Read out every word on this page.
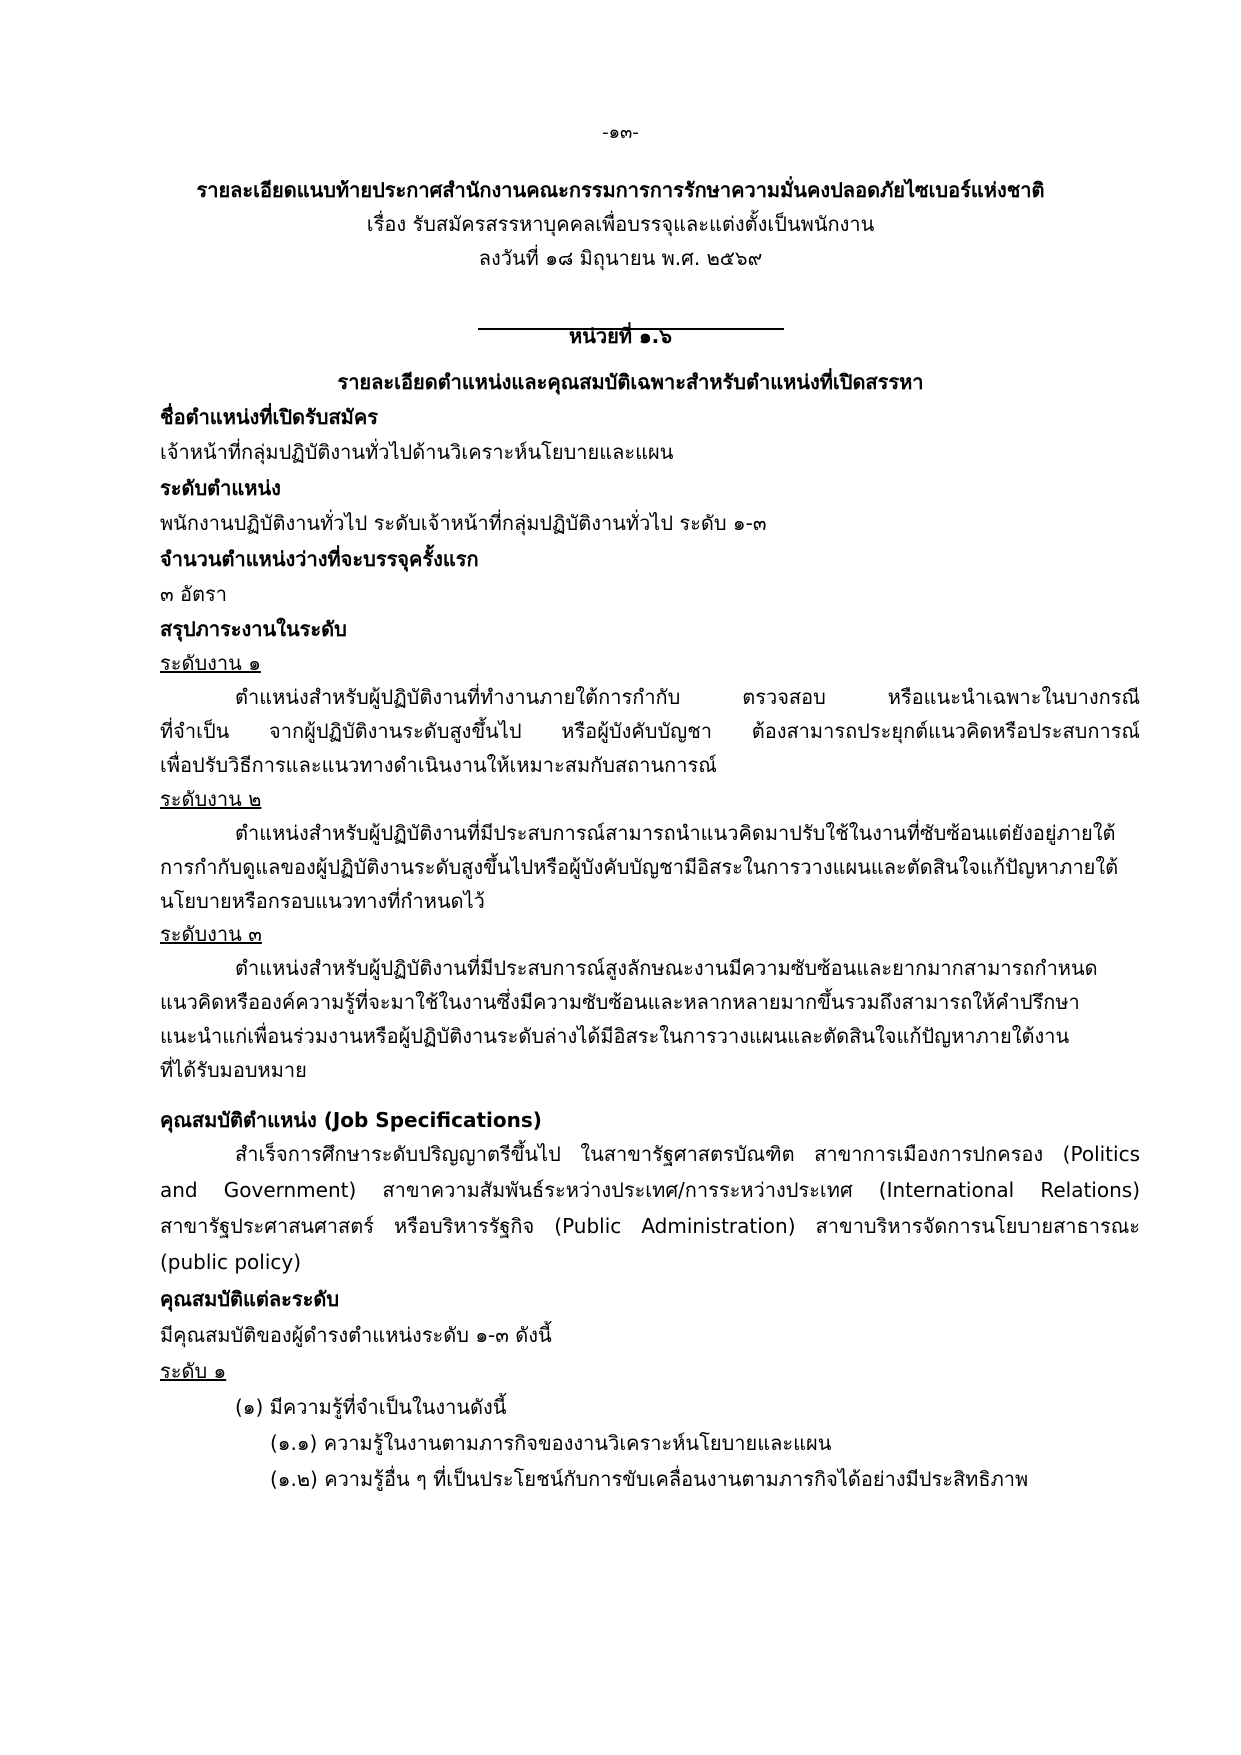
-๑๓-

รายละเอียดแนบท้ายประกาศสำนักงานคณะกรรมการการรักษาความมั่นคงปลอดภัยไซเบอร์แห่งชาติ

เรื่อง รับสมัครสรรหาบุคคลเพื่อบรรจุและแต่งตั้งเป็นพนักงาน

ลงวันที่ ๑๘ มิถุนายน พ.ศ. ๒๕๖๙

หน่วยที่ ๑.๖

รายละเอียดตำแหน่งและคุณสมบัติเฉพาะสำหรับตำแหน่งที่เปิดสรรหา

ชื่อตำแหน่งที่เปิดรับสมัคร

เจ้าหน้าที่กลุ่มปฏิบัติงานทั่วไปด้านวิเคราะห์นโยบายและแผน

ระดับตำแหน่ง

พนักงานปฏิบัติงานทั่วไป ระดับเจ้าหน้าที่กลุ่มปฏิบัติงานทั่วไป ระดับ ๑-๓

จำนวนตำแหน่งว่างที่จะบรรจุครั้งแรก

๓ อัตรา

สรุปภาระงานในระดับ

ระดับงาน ๑

ตำแหน่งสำหรับผู้ปฏิบัติงานที่ทำงานภายใต้การกำกับ ตรวจสอบ หรือแนะนำเฉพาะในบางกรณี

ที่จำเป็น จากผู้ปฏิบัติงานระดับสูงขึ้นไป หรือผู้บังคับบัญชา ต้องสามารถประยุกต์แนวคิดหรือประสบการณ์

เพื่อปรับวิธีการและแนวทางดำเนินงานให้เหมาะสมกับสถานการณ์

ระดับงาน ๒

ตำแหน่งสำหรับผู้ปฏิบัติงานที่มีประสบการณ์สามารถนำแนวคิดมาปรับใช้ในงานที่ซับซ้อนแต่ยังอยู่ภายใต้

การกำกับดูแลของผู้ปฏิบัติงานระดับสูงขึ้นไปหรือผู้บังคับบัญชามีอิสระในการวางแผนและตัดสินใจแก้ปัญหาภายใต้

นโยบายหรือกรอบแนวทางที่กำหนดไว้

ระดับงาน ๓

ตำแหน่งสำหรับผู้ปฏิบัติงานที่มีประสบการณ์สูงลักษณะงานมีความซับซ้อนและยากมากสามารถกำหนด

แนวคิดหรือองค์ความรู้ที่จะมาใช้ในงานซึ่งมีความซับซ้อนและหลากหลายมากขึ้นรวมถึงสามารถให้คำปรึกษา

แนะนำแก่เพื่อนร่วมงานหรือผู้ปฏิบัติงานระดับล่างได้มีอิสระในการวางแผนและตัดสินใจแก้ปัญหาภายใต้งาน

ที่ได้รับมอบหมาย

คุณสมบัติตำแหน่ง (Job Specifications)

สำเร็จการศึกษาระดับปริญญาตรีขึ้นไป ในสาขารัฐศาสตรบัณฑิต สาขาการเมืองการปกครอง (Politics

and Government) สาขาความสัมพันธ์ระหว่างประเทศ/การระหว่างประเทศ (International Relations)

สาขารัฐประศาสนศาสตร์ หรือบริหารรัฐกิจ (Public Administration) สาขาบริหารจัดการนโยบายสาธารณะ

(public policy)

คุณสมบัติแต่ละระดับ

มีคุณสมบัติของผู้ดำรงตำแหน่งระดับ ๑-๓ ดังนี้

ระดับ ๑

(๑) มีความรู้ที่จำเป็นในงานดังนี้

(๑.๑) ความรู้ในงานตามภารกิจของงานวิเคราะห์นโยบายและแผน

(๑.๒) ความรู้อื่น ๆ ที่เป็นประโยชน์กับการขับเคลื่อนงานตามภารกิจได้อย่างมีประสิทธิภาพ
